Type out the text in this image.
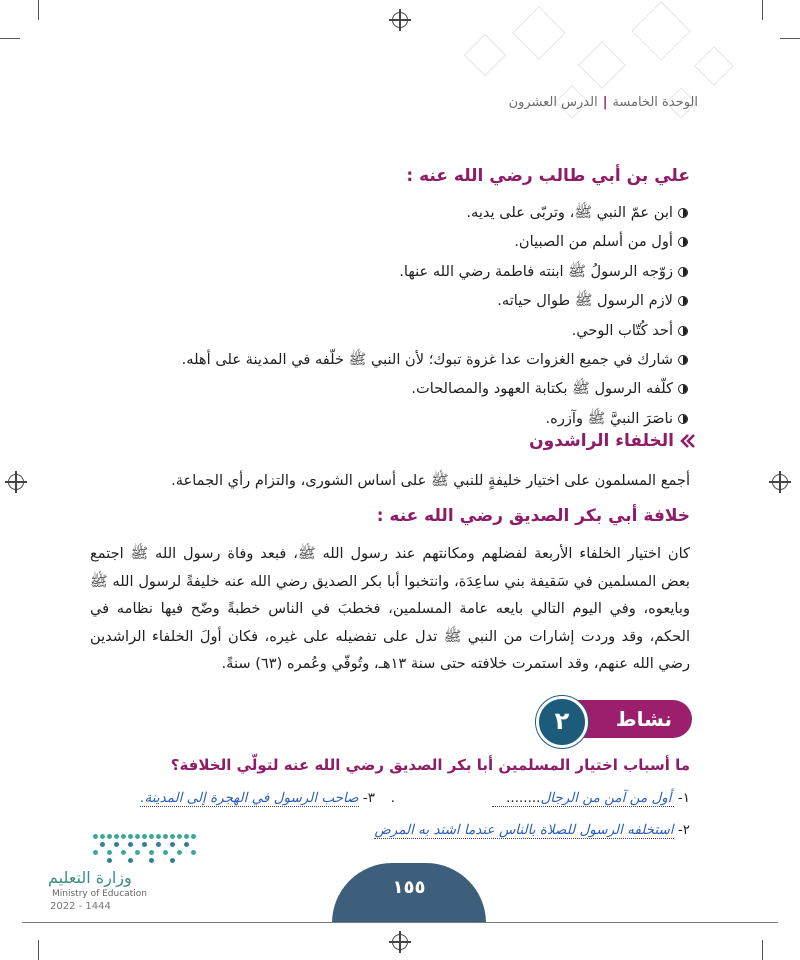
الوحدة الخامسة|الدرس العشرون
علي بن أبي طالب رضي الله عنه :
ابن عمّ النبي ﷺ، وتربّى على يديه.
أول من أسلم من الصبيان.
زوّجه الرسولُ ﷺ ابنته فاطمة رضي الله عنها.
لازم الرسول ﷺ طوال حياته.
أحد كُتّاب الوحي.
شارك في جميع الغزوات عدا غزوة تبوك؛ لأن النبي ﷺ خلّفه في المدينة على أهله.
كلّفه الرسول ﷺ بكتابة العهود والمصالحات.
ناصَرَ النبيَّ ﷺ وآزره.
الخلفاء الراشدون
أجمع المسلمون على اختيار خليفةٍ للنبي ﷺ على أساس الشورى، والتزام رأي الجماعة.
خلافة أبي بكر الصديق رضي الله عنه :
كان اختيار الخلفاء الأربعة لفضلهم ومكانتهم عند رسول الله ﷺ، فبعد وفاة رسول الله ﷺ اجتمع بعض المسلمين في سَقيفة بني ساعِدَة، وانتخبوا أبا بكر الصديق رضي الله عنه خليفةً لرسول الله ﷺ وبايعوه، وفي اليوم التالي بايعه عامة المسلمين، فخطبَ في الناس خطبةً وضّح فيها نظامه في الحكم، وقد وردت إشارات من النبي ﷺ تدل على تفضيله على غيره، فكان أولَ الخلفاء الراشدين رضي الله عنهم، وقد استمرت خلافته حتى سنة ١٣هـ، وتُوفّي وعُمره (٦٣) سنةً.
نشاط
٢
ما أسباب اختيار المسلمين أبا بكر الصديق رضي الله عنه لتولّي الخلافة؟
١- أول من آمن من الرجال........
.
٣- صاحب الرسول في الهجرة إلى المدينة.
٢- استخلفه الرسول للصلاة بالناس عندما اشتد به المرض
وزارة التعليم
Ministry of Education
2022 - 1444
١٥٥
